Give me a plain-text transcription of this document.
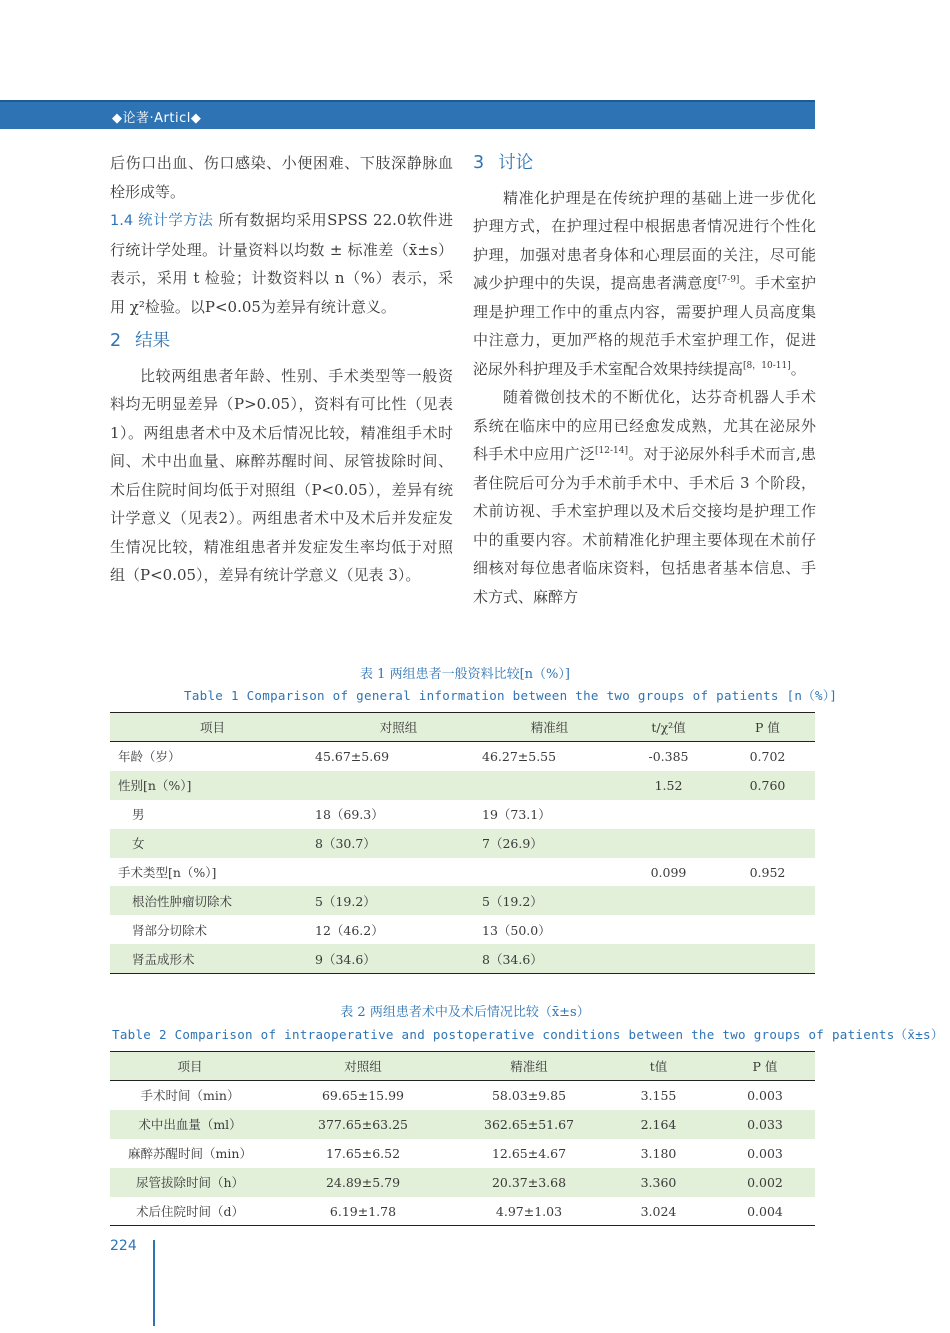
◆论著·Articl◆

后伤口出血、伤口感染、小便困难、下肢深静脉血栓形成等。

1.4 统计学方法 所有数据均采用SPSS 22.0软件进行统计学处理。计量资料以均数 ± 标准差（x̄±s）表示，采用 t 检验；计数资料以 n（%）表示，采用 χ²检验。以P<0.05为差异有统计意义。

2 结果

比较两组患者年龄、性别、手术类型等一般资料均无明显差异（P>0.05），资料有可比性（见表 1）。两组患者术中及术后情况比较，精准组手术时间、术中出血量、麻醉苏醒时间、尿管拔除时间、术后住院时间均低于对照组（P<0.05），差异有统计学意义（见表2）。两组患者术中及术后并发症发生情况比较，精准组患者并发症发生率均低于对照组（P<0.05），差异有统计学意义（见表 3）。

3 讨论

精准化护理是在传统护理的基础上进一步优化护理方式，在护理过程中根据患者情况进行个性化护理，加强对患者身体和心理层面的关注，尽可能减少护理中的失误，提高患者满意度[7-9]。手术室护理是护理工作中的重点内容，需要护理人员高度集中注意力，更加严格的规范手术室护理工作，促进泌尿外科护理及手术室配合效果持续提高[8，10-11]。

随着微创技术的不断优化，达芬奇机器人手术系统在临床中的应用已经愈发成熟，尤其在泌尿外科手术中应用广泛[12-14]。对于泌尿外科手术而言,患者住院后可分为手术前手术中、手术后 3 个阶段，术前访视、手术室护理以及术后交接均是护理工作中的重要内容。术前精准化护理主要体现在术前仔细核对每位患者临床资料，包括患者基本信息、手术方式、麻醉方

表 1 两组患者一般资料比较[n（%）]
Table 1 Comparison of general information between the two groups of patients [n（%）]
项目	对照组	精准组	t/χ²值	P 值
年龄（岁）	45.67±5.69	46.27±5.55	-0.385	0.702
性别[n（%）]			1.52	0.760
男	18（69.3）	19（73.1）		
女	8（30.7）	7（26.9）		
手术类型[n（%）]			0.099	0.952
根治性肿瘤切除术	5（19.2）	5（19.2）		
肾部分切除术	12（46.2）	13（50.0）		
肾盂成形术	9（34.6）	8（34.6）		
表 2 两组患者术中及术后情况比较（x̄±s）
Table 2 Comparison of intraoperative and postoperative conditions between the two groups of patients（x̄±s）
项目	对照组	精准组	t值	P 值
手术时间（min）	69.65±15.99	58.03±9.85	3.155	0.003
术中出血量（ml）	377.65±63.25	362.65±51.67	2.164	0.033
麻醉苏醒时间（min）	17.65±6.52	12.65±4.67	3.180	0.003
尿管拔除时间（h）	24.89±5.79	20.37±3.68	3.360	0.002
术后住院时间（d）	6.19±1.78	4.97±1.03	3.024	0.004
224
